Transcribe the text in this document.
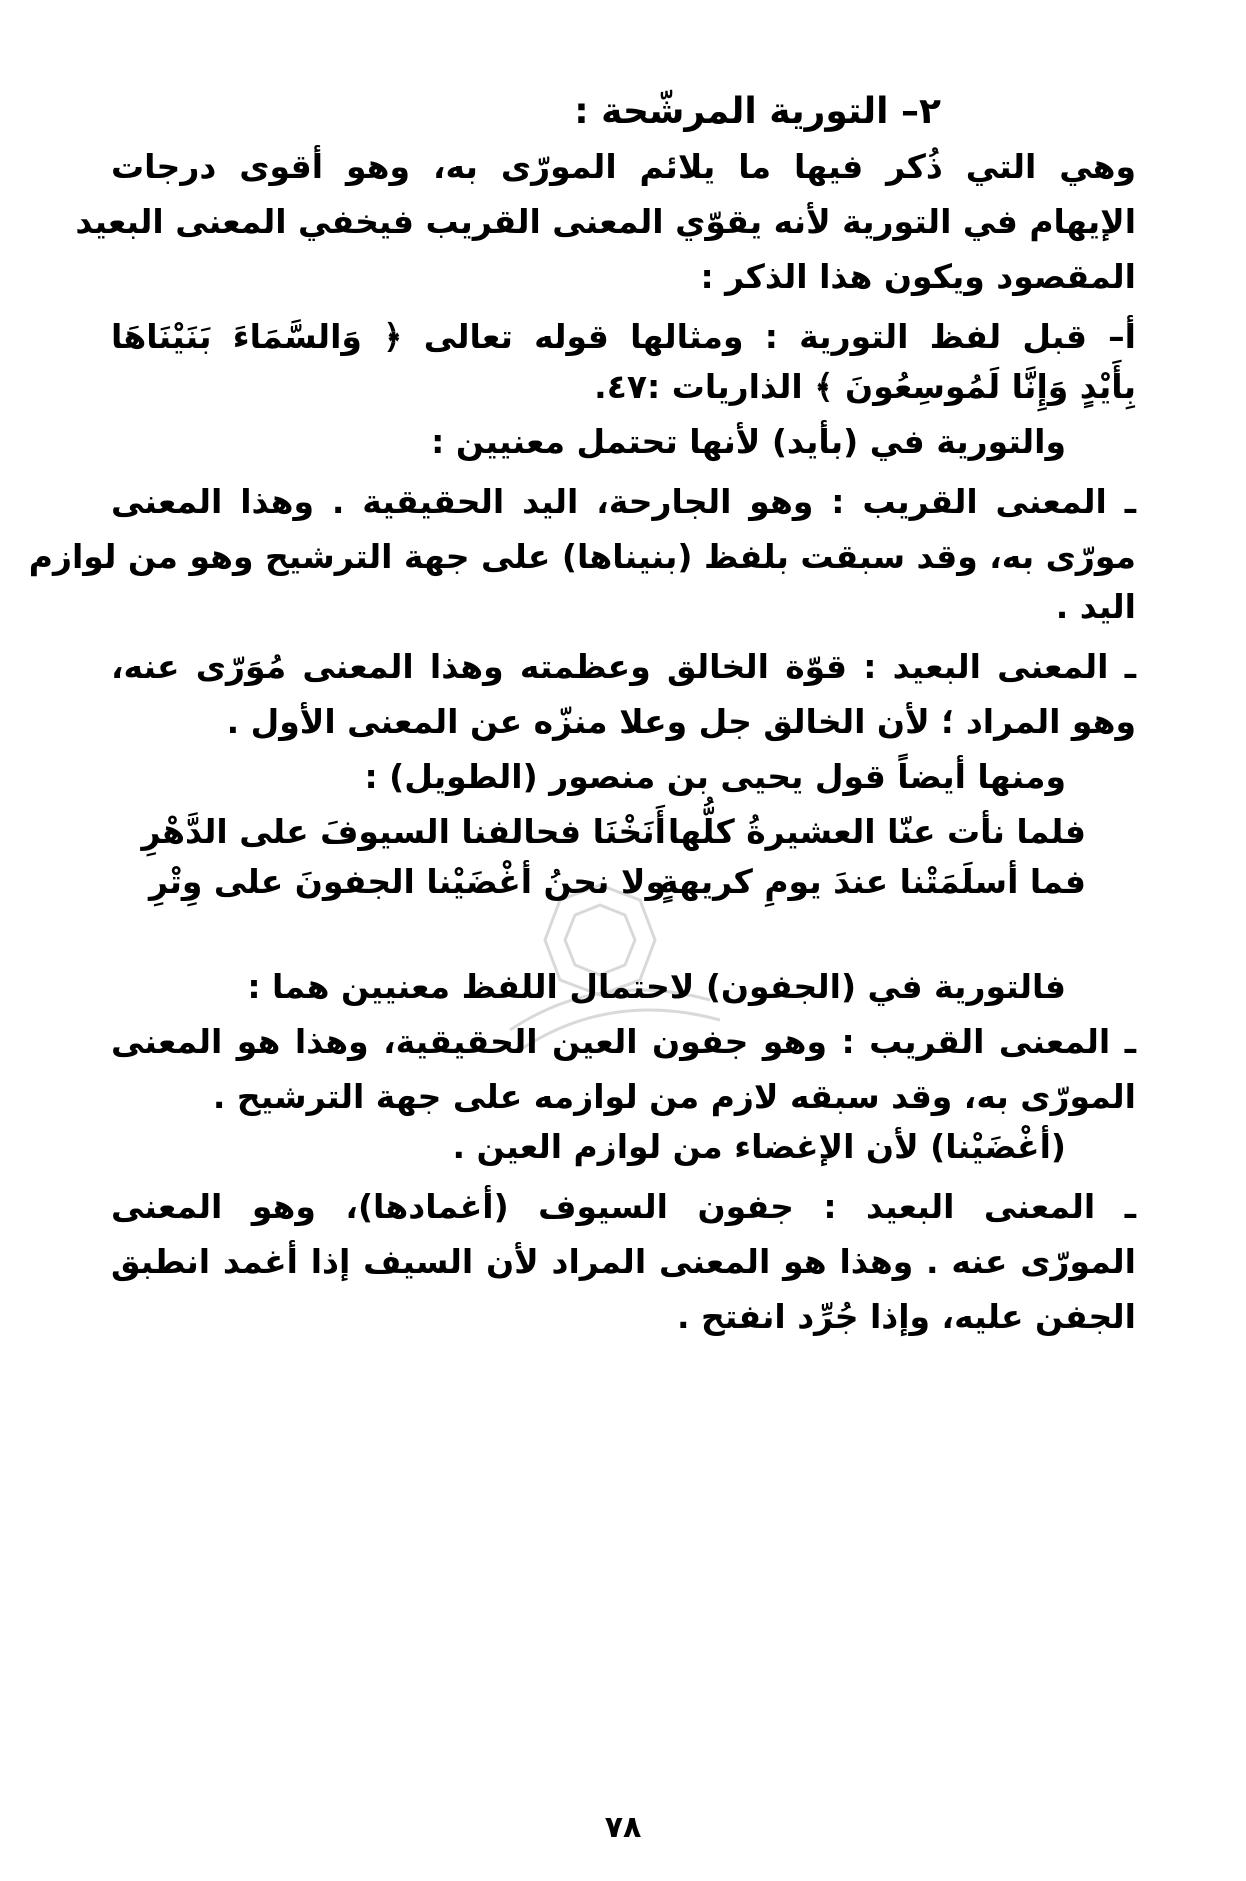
٢– التورية المرشّحة :
وهي التي ذُكر فيها ما يلائم المورّى به، وهو أقوى درجات
الإيهام في التورية لأنه يقوّي المعنى القريب فيخفي المعنى البعيد
المقصود ويكون هذا الذكر :
أ– قبل لفظ التورية : ومثالها قوله تعالى ﴿ وَالسَّمَاءَ بَنَيْنَاهَا
بِأَيْدٍ وَإِنَّا لَمُوسِعُونَ ﴾ الذاريات :٤٧.
والتورية في (بأيد) لأنها تحتمل معنيين :
ـ المعنى القريب : وهو الجارحة، اليد الحقيقية . وهذا المعنى
مورّى به، وقد سبقت بلفظ (بنيناها) على جهة الترشيح وهو من لوازم
اليد .
ـ المعنى البعيد : قوّة الخالق وعظمته وهذا المعنى مُوَرّى عنه،
وهو المراد ؛ لأن الخالق جل وعلا منزّه عن المعنى الأول .
ومنها أيضاً قول يحيى بن منصور (الطويل) :
فلما نأت عنّا العشيرةُ كلُّها
أَنَخْنَا فحالفنا السيوفَ على الدَّهْرِ
فما أسلَمَتْنا عندَ يومِ كريهةٍ
ولا نحنُ أغْضَيْنا الجفونَ على وِتْرِ
فالتورية في (الجفون) لاحتمال اللفظ معنيين هما :
ـ المعنى القريب : وهو جفون العين الحقيقية، وهذا هو المعنى
المورّى به، وقد سبقه لازم من لوازمه على جهة الترشيح .
(أغْضَيْنا) لأن الإغضاء من لوازم العين .
ـ المعنى البعيد : جفون السيوف (أغمادها)، وهو المعنى
المورّى عنه . وهذا هو المعنى المراد لأن السيف إذا أغمد انطبق
الجفن عليه، وإذا جُرِّد انفتح .
٧٨
